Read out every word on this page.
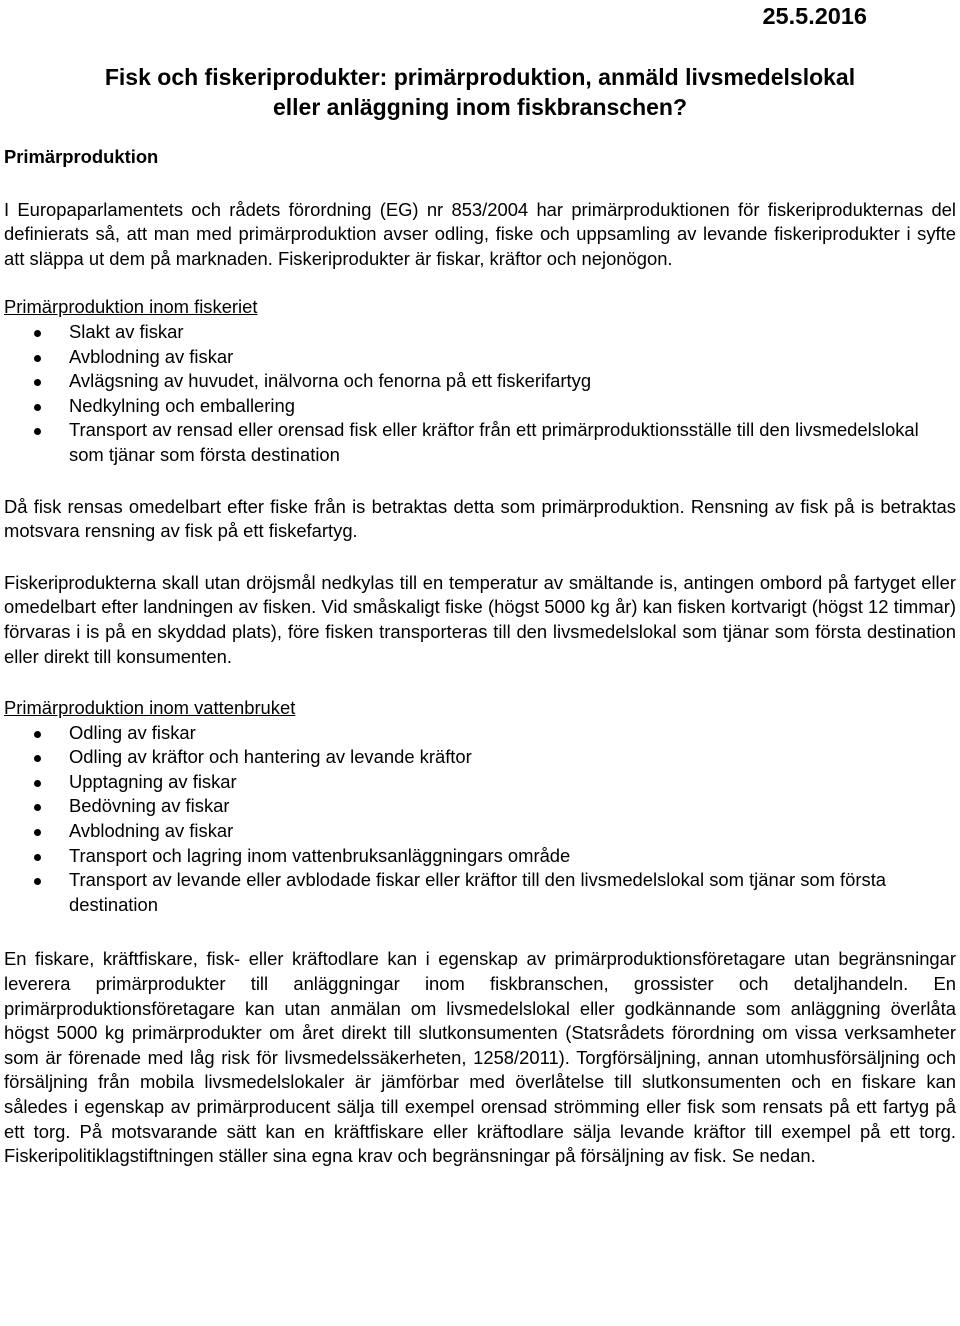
25.5.2016
Fisk och fiskeriprodukter: primärproduktion, anmäld livsmedelslokal
eller anläggning inom fiskbranschen?
Primärproduktion

I Europaparlamentets och rådets förordning (EG) nr 853/2004 har primärproduktionen för fiskeriprodukternas del definierats så, att man med primärproduktion avser odling, fiske och uppsamling av levande fiskeriprodukter i syfte att släppa ut dem på marknaden. Fiskeriprodukter är fiskar, kräftor och nejonögon.

Primärproduktion inom fiskeriet
Slakt av fiskar
Avblodning av fiskar
Avlägsning av huvudet, inälvorna och fenorna på ett fiskerifartyg
Nedkylning och emballering
Transport av rensad eller orensad fisk eller kräftor från ett primärproduktionsställe till den livsmedelslokal som tjänar som första destination

Då fisk rensas omedelbart efter fiske från is betraktas detta som primärproduktion. Rensning av fisk på is betraktas motsvara rensning av fisk på ett fiskefartyg.

Fiskeriprodukterna skall utan dröjsmål nedkylas till en temperatur av smältande is, antingen ombord på fartyget eller omedelbart efter landningen av fisken. Vid småskaligt fiske (högst 5000 kg år) kan fisken kortvarigt (högst 12 timmar) förvaras i is på en skyddad plats), före fisken transporteras till den livsmedelslokal som tjänar som första destination eller direkt till konsumenten.

Primärproduktion inom vattenbruket
Odling av fiskar
Odling av kräftor och hantering av levande kräftor
Upptagning av fiskar
Bedövning av fiskar
Avblodning av fiskar
Transport och lagring inom vattenbruksanläggningars område
Transport av levande eller avblodade fiskar eller kräftor till den livsmedelslokal som tjänar som första destination

En fiskare, kräftfiskare, fisk- eller kräftodlare kan i egenskap av primärproduktionsföretagare utan begränsningar leverera primärprodukter till anläggningar inom fiskbranschen, grossister och detaljhandeln. En primärproduktionsföretagare kan utan anmälan om livsmedelslokal eller godkännande som anläggning överlåta högst 5000 kg primärprodukter om året direkt till slutkonsumenten (Statsrådets förordning om vissa verksamheter som är förenade med låg risk för livsmedelssäkerheten, 1258/2011). Torgförsäljning, annan utomhusförsäljning och försäljning från mobila livsmedelslokaler är jämförbar med överlåtelse till slutkonsumenten och en fiskare kan således i egenskap av primärproducent sälja till exempel orensad strömming eller fisk som rensats på ett fartyg på ett torg. På motsvarande sätt kan en kräftfiskare eller kräftodlare sälja levande kräftor till exempel på ett torg. Fiskeripolitiklagstiftningen ställer sina egna krav och begränsningar på försäljning av fisk. Se nedan.
